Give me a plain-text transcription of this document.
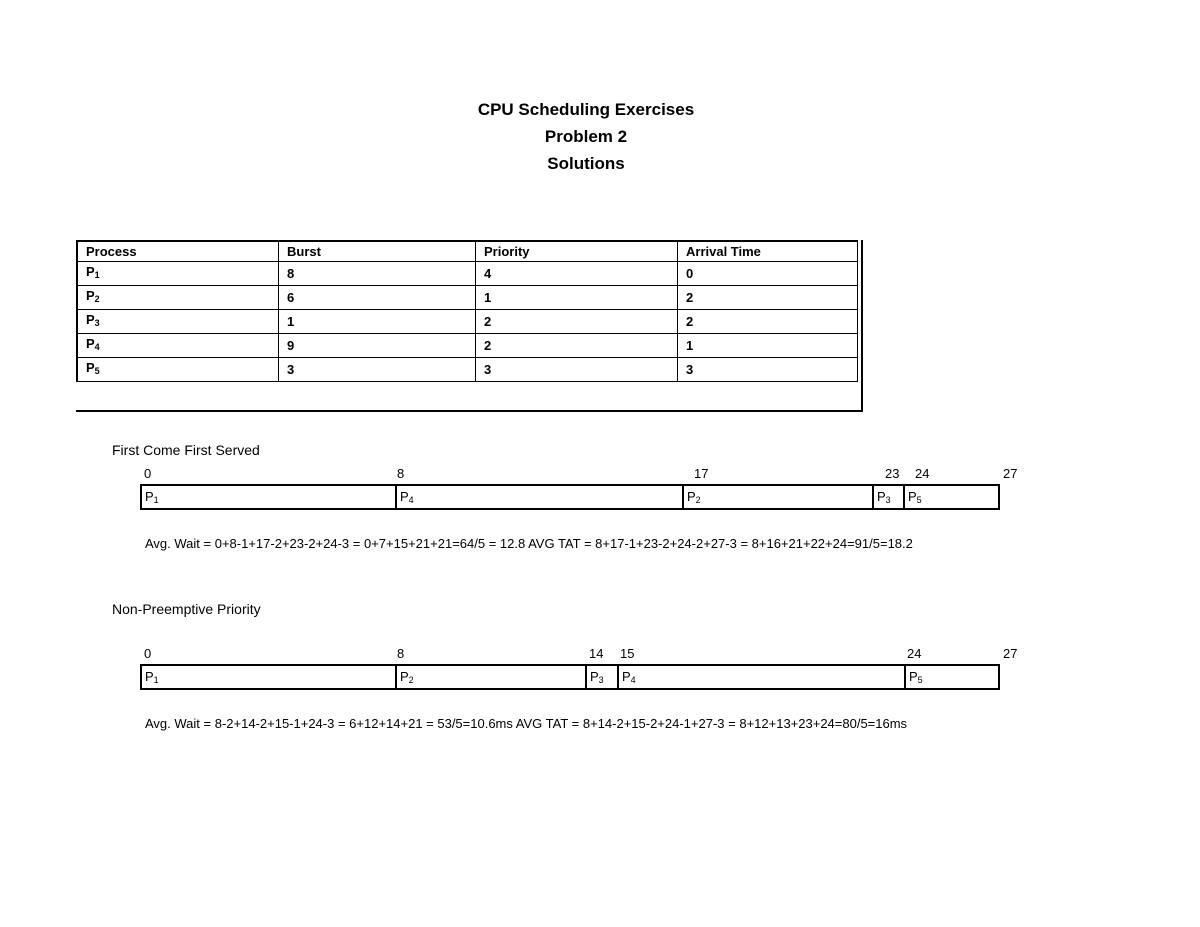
CPU Scheduling Exercises
Problem 2
Solutions
Process	Burst	Priority	Arrival Time
$P_1$	8	4	0
$P_2$	6	1	2
$P_3$	1	2	2
$P_4$	9	2	1
$P_5$	3	3	3
First Come First Served
0	8	17	23 24	27
$P_1$	$P_4$	$P_2$	$P_3$	$P_5$
Avg. Wait = 0+8-1+17-2+23-2+24-3 = 0+7+15+21+21=64/5 = 12.8 AVG TAT = 8+17-1+23-2+24-2+27-3 = 8+16+21+22+24=91/5=18.2
Non-Preemptive Priority
0	8	14 15	24	27
$P_1$	$P_2$	$P_3$	$P_4$	$P_5$
Avg. Wait = 8-2+14-2+15-1+24-3 = 6+12+14+21 = 53/5=10.6ms AVG TAT = 8+14-2+15-2+24-1+27-3 = 8+12+13+23+24=80/5=16ms
